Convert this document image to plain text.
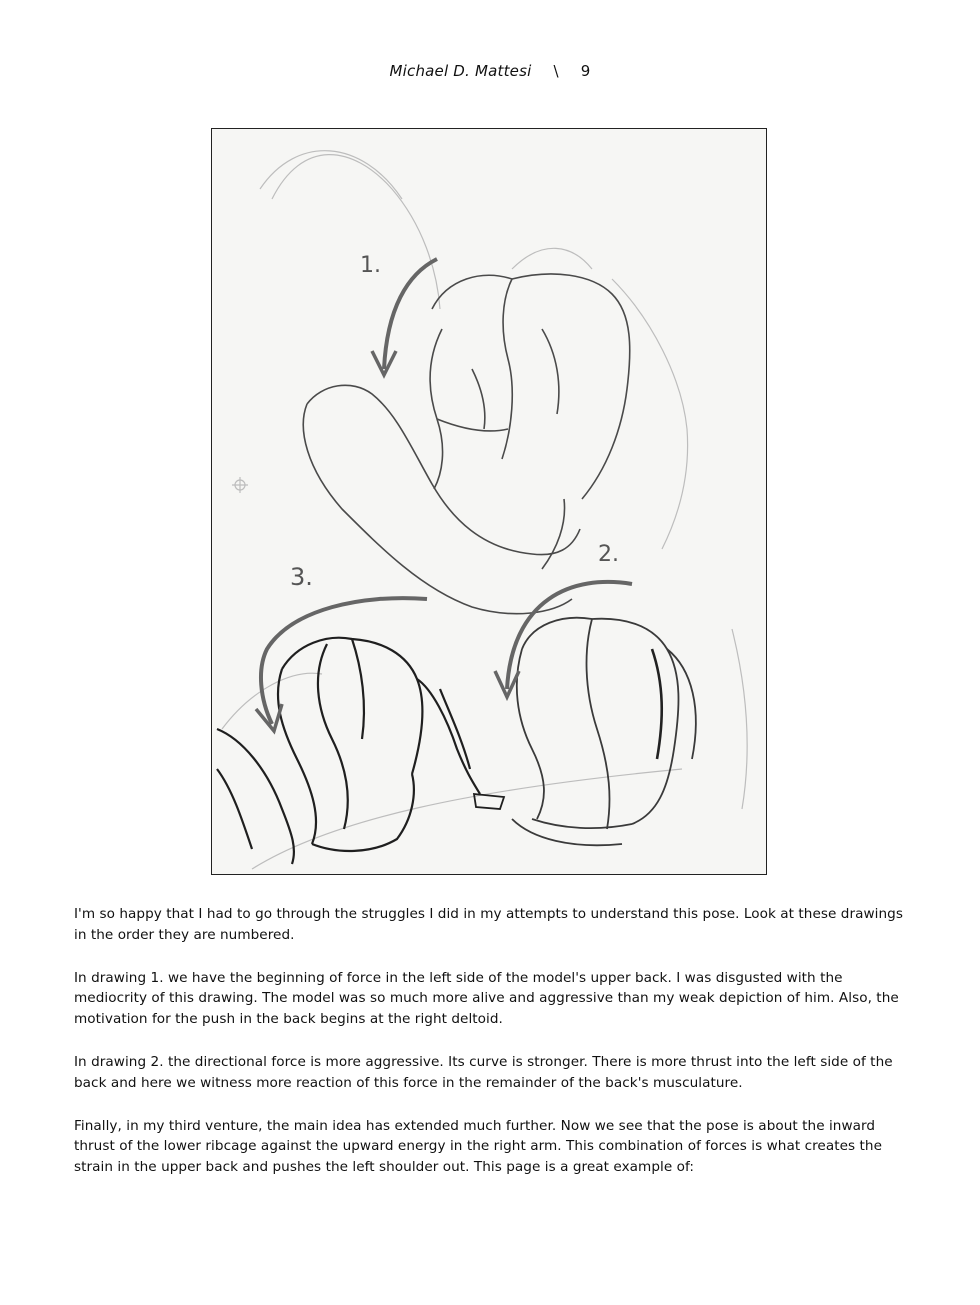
Michael D. Mattesi \ 9
1.
2.
3.

I'm so happy that I had to go through the struggles I did in my attempts to understand this pose. Look at these drawings in the order they are numbered.

In drawing 1. we have the beginning of force in the left side of the model's upper back. I was disgusted with the mediocrity of this drawing. The model was so much more alive and aggressive than my weak depiction of him. Also, the motivation for the push in the back begins at the right deltoid.

In drawing 2. the directional force is more aggressive. Its curve is stronger. There is more thrust into the left side of the back and here we witness more reaction of this force in the remainder of the back's musculature.

Finally, in my third venture, the main idea has extended much further. Now we see that the pose is about the inward thrust of the lower ribcage against the upward energy in the right arm. This combination of forces is what creates the strain in the upper back and pushes the left shoulder out. This page is a great example of:
